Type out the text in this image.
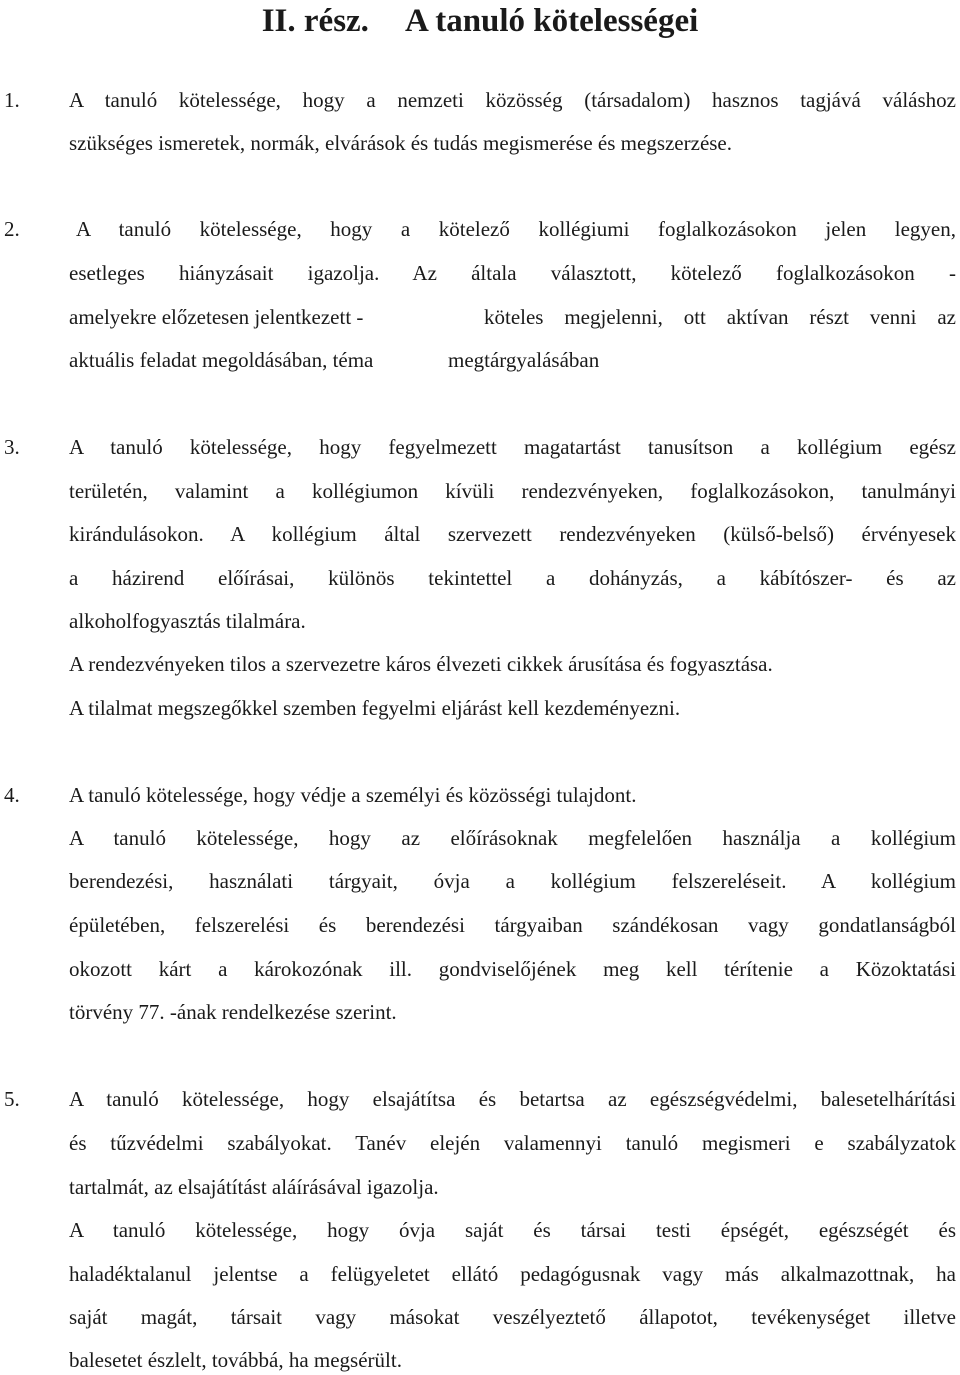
II. rész. A tanuló kötelességei
1. A tanuló kötelessége, hogy a nemzeti közösség (társadalom) hasznos tagjává váláshoz
szükséges ismeretek, normák, elvárások és tudás megismerése és megszerzése.
2.	A tanuló kötelessége, hogy a kötelező kollégiumi foglalkozásokon jelen legyen,
esetleges hiányzásait igazolja. Az általa választott, kötelező foglalkozásokon -
amelyekre előzetesen jelentkezett -	köteles megjelenni, ott aktívan részt venni az
aktuális feladat megoldásában, téma	megtárgyalásában
3. A tanuló kötelessége, hogy fegyelmezett magatartást tanusítson a kollégium egész
területén, valamint a kollégiumon kívüli rendezvényeken, foglalkozásokon, tanulmányi
kirándulásokon. A kollégium által szervezett rendezvényeken (külső-belső) érvényesek
a házirend előírásai, különös tekintettel a dohányzás, a kábítószer- és az
alkoholfogyasztás tilalmára.
A rendezvényeken tilos a szervezetre káros élvezeti cikkek árusítása és fogyasztása.
A tilalmat megszegőkkel szemben fegyelmi eljárást kell kezdeményezni.
4. A tanuló kötelessége, hogy védje a személyi és közösségi tulajdont.
A tanuló kötelessége, hogy az előírásoknak megfelelően használja a kollégium
berendezési, használati tárgyait, óvja a kollégium felszereléseit. A kollégium
épületében, felszerelési és berendezési tárgyaiban szándékosan vagy gondatlanságból
okozott kárt a károkozónak ill. gondviselőjének meg kell térítenie a Közoktatási
törvény 77. -ának rendelkezése szerint.
5. A tanuló kötelessége, hogy elsajátítsa és betartsa az egészségvédelmi, balesetelhárítási
és tűzvédelmi szabályokat. Tanév elején valamennyi tanuló megismeri e szabályzatok
tartalmát, az elsajátítást aláírásával igazolja.
A tanuló kötelessége, hogy óvja saját és társai testi épségét, egészségét és
haladéktalanul jelentse a felügyeletet ellátó pedagógusnak vagy más alkalmazottnak, ha
saját magát, társait vagy másokat veszélyeztető állapotot, tevékenységet illetve
balesetet észlelt, továbbá, ha megsérült.
